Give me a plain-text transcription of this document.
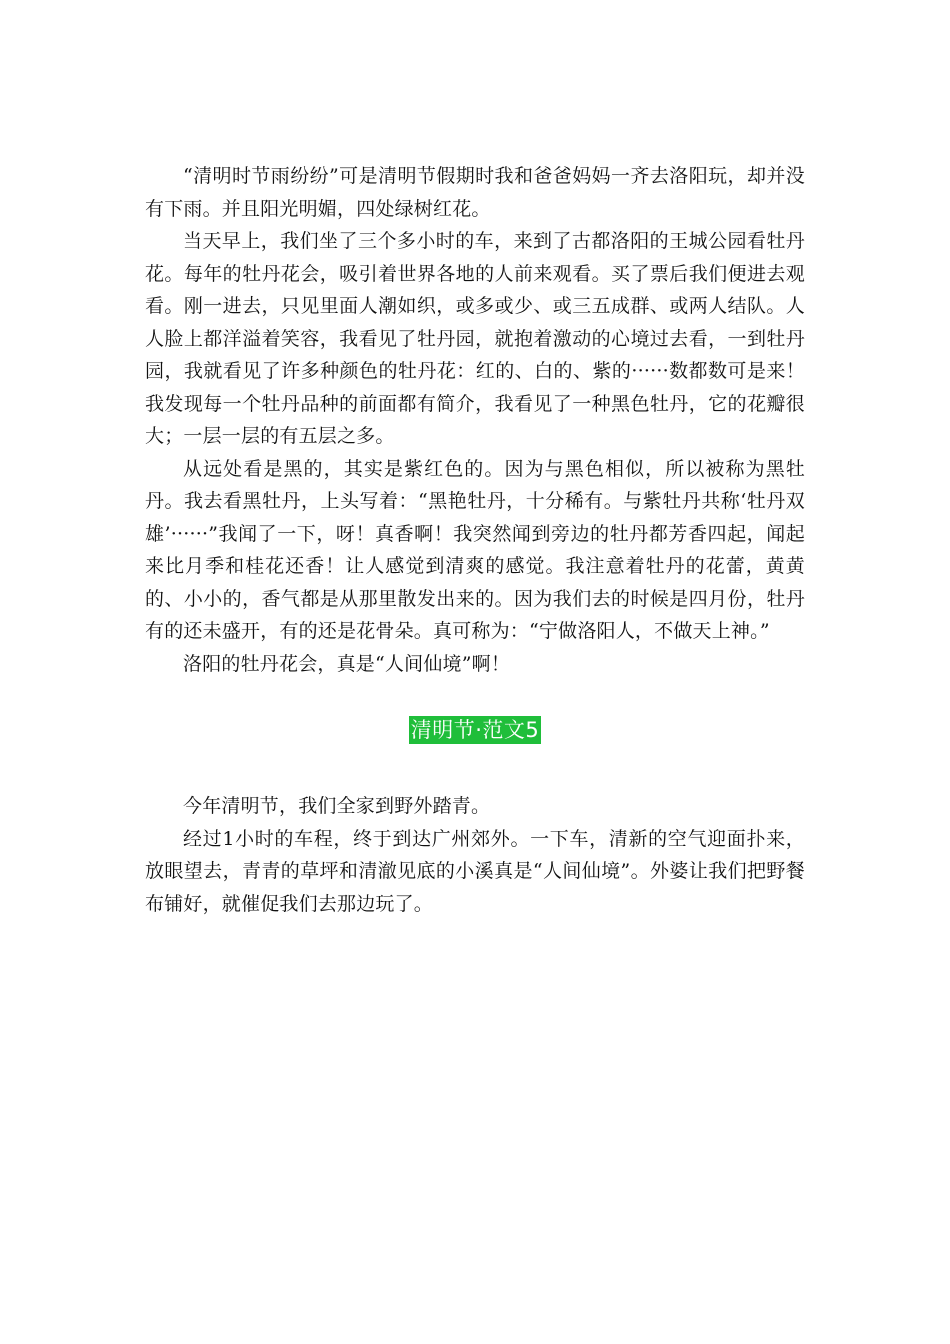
“清明时节雨纷纷”可是清明节假期时我和爸爸妈妈一齐去洛阳玩，却并没有下雨。并且阳光明媚，四处绿树红花。

当天早上，我们坐了三个多小时的车，来到了古都洛阳的王城公园看牡丹花。每年的牡丹花会，吸引着世界各地的人前来观看。买了票后我们便进去观看。刚一进去，只见里面人潮如织，或多或少、或三五成群、或两人结队。人人脸上都洋溢着笑容，我看见了牡丹园，就抱着激动的心境过去看，一到牡丹园，我就看见了许多种颜色的牡丹花：红的、白的、紫的······数都数可是来！我发现每一个牡丹品种的前面都有简介，我看见了一种黑色牡丹，它的花瓣很大；一层一层的有五层之多。

从远处看是黑的，其实是紫红色的。因为与黑色相似，所以被称为黑牡丹。我去看黑牡丹，上头写着：“黑艳牡丹，十分稀有。与紫牡丹共称‘牡丹双雄’······”我闻了一下，呀！真香啊！我突然闻到旁边的牡丹都芳香四起，闻起来比月季和桂花还香！让人感觉到清爽的感觉。我注意着牡丹的花蕾，黄黄的、小小的，香气都是从那里散发出来的。因为我们去的时候是四月份，牡丹有的还未盛开，有的还是花骨朵。真可称为：“宁做洛阳人，不做天上神。”

洛阳的牡丹花会，真是“人间仙境”啊！

清明节·范文5

今年清明节，我们全家到野外踏青。

经过1小时的车程，终于到达广州郊外。一下车，清新的空气迎面扑来，放眼望去，青青的草坪和清澈见底的小溪真是“人间仙境”。外婆让我们把野餐布铺好，就催促我们去那边玩了。
